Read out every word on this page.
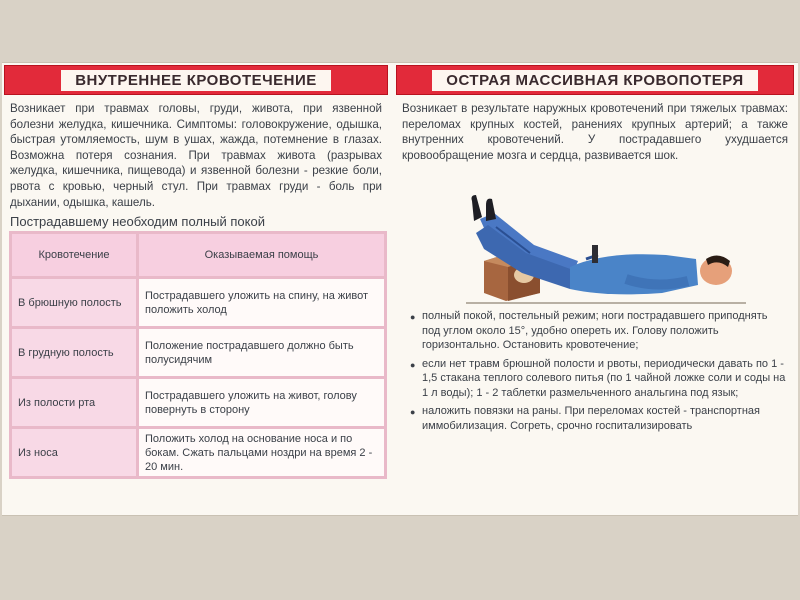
ВНУТРЕННЕЕ КРОВОТЕЧЕНИЕ
Возникает при травмах головы, груди, живота, при язвенной болезни желудка, кишечника. Симптомы: головокружение, одышка, быстрая утомляемость, шум в ушах, жажда, потемнение в глазах. Возможна потеря сознания. При травмах живота (разрывах желудка, кишечника, пищевода) и язвенной болезни - резкие боли, рвота с кровью, черный стул. При травмах груди - боль при дыхании, одышка, кашель.
Пострадавшему необходим полный покой
Кровотечение	Оказываемая помощь
В брюшную полость	Пострадавшего уложить на спину, на живот положить холод
В грудную полость	Положение пострадавшего должно быть полусидячим
Из полости рта	Пострадавшего уложить на живот, голову повернуть в сторону
Из носа	Положить холод на основание носа и по бокам. Сжать пальцами ноздри на время 2 - 20 мин.
ОСТРАЯ МАССИВНАЯ КРОВОПОТЕРЯ
Возникает в результате наружных кровотечений при тяжелых травмах: переломах крупных костей, ранениях крупных артерий; а также внутренних кровотечений. У пострадавшего ухудшается кровообращение мозга и сердца, развивается шок.
● полный покой, постельный режим; ноги пострадавшего приподнять под углом около 15°, удобно опереть их. Голову положить горизонтально. Остановить кровотечение;
● если нет травм брюшной полости и рвоты, периодически давать по 1 - 1,5 стакана теплого солевого питья (по 1 чайной ложке соли и соды на 1 л воды); 1 - 2 таблетки размельченного анальгина под язык;
● наложить повязки на раны. При переломах костей - транспортная иммобилизация. Согреть, срочно госпитализировать
